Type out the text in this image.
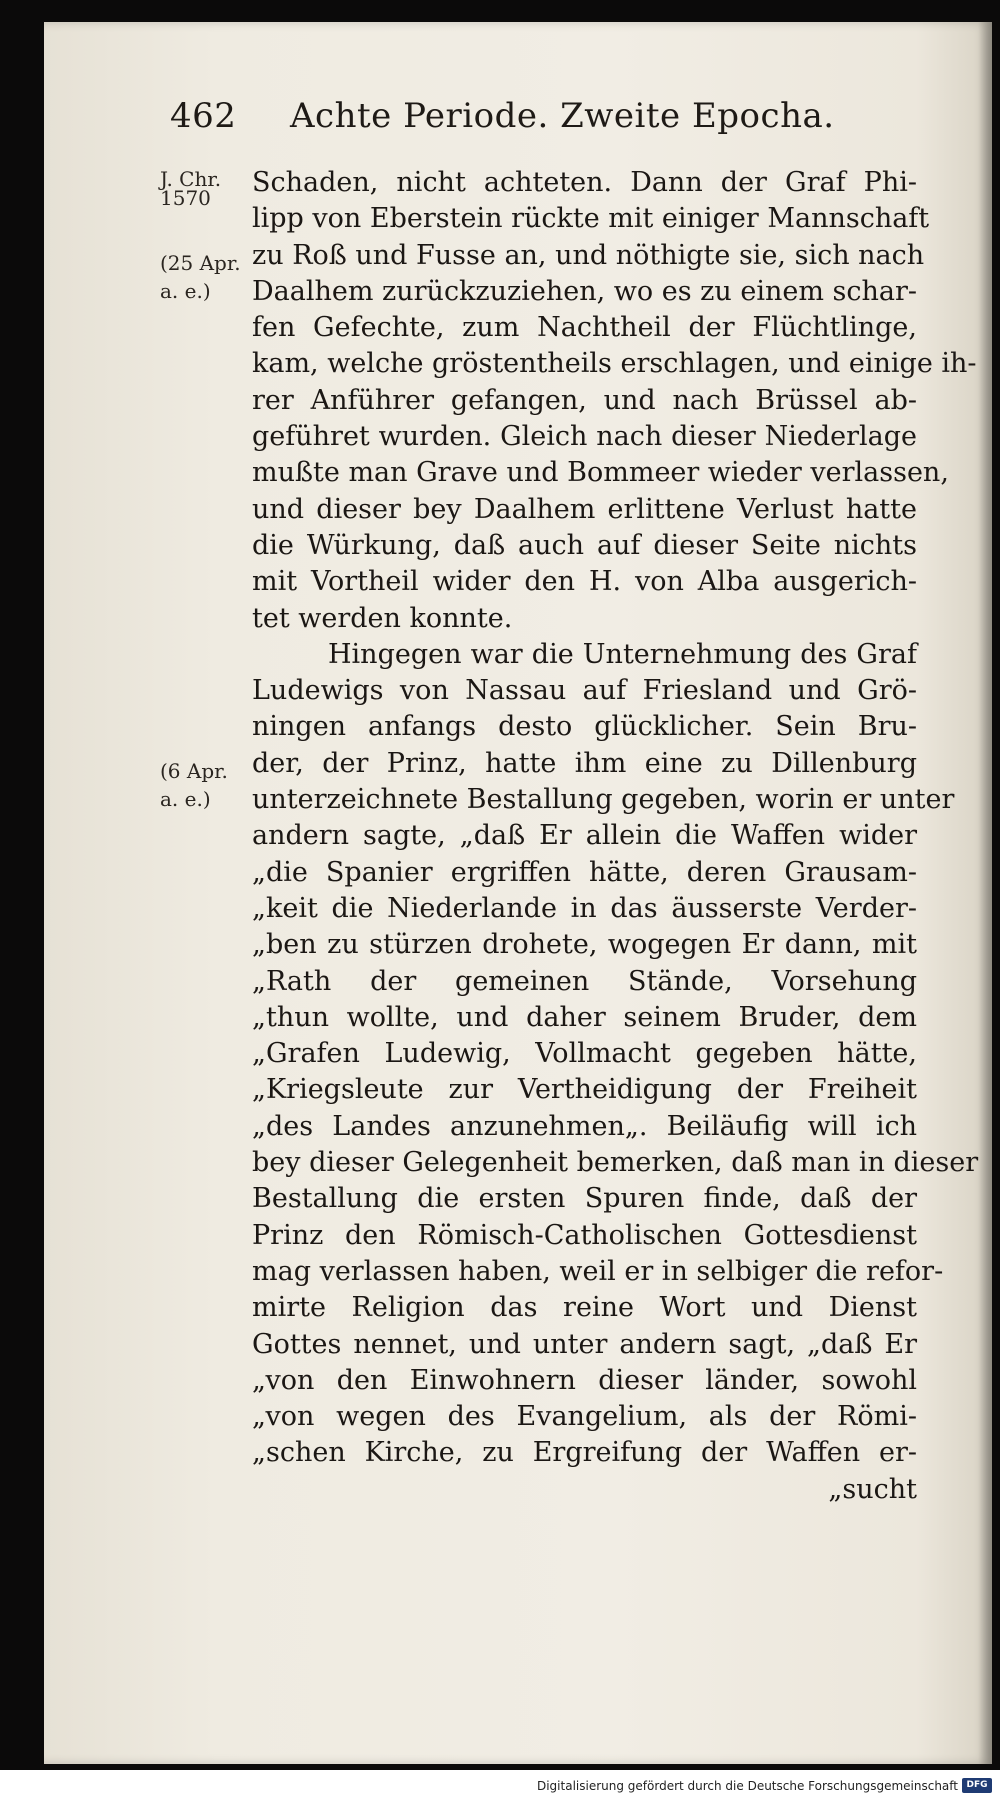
462 Achte Periode. Zweite Epocha.
J. Chr.
1570
(25 Apr.
a. e.)
(6 Apr.
a. e.)
Schaden, nicht achteten. Dann der Graf Phi-
lipp von Eberstein rückte mit einiger Mannschaft
zu Roß und Fusse an, und nöthigte sie, sich nach
Daalhem zurückzuziehen, wo es zu einem schar-
fen Gefechte, zum Nachtheil der Flüchtlinge,
kam, welche gröstentheils erschlagen, und einige ih-
rer Anführer gefangen, und nach Brüssel ab-
geführet wurden. Gleich nach dieser Niederlage
mußte man Grave und Bommeer wieder verlassen,
und dieser bey Daalhem erlittene Verlust hatte
die Würkung, daß auch auf dieser Seite nichts
mit Vortheil wider den H. von Alba ausgerich-
tet werden konnte.
Hingegen war die Unternehmung des Graf
Ludewigs von Nassau auf Friesland und Grö-
ningen anfangs desto glücklicher. Sein Bru-
der, der Prinz, hatte ihm eine zu Dillenburg
unterzeichnete Bestallung gegeben, worin er unter
andern sagte, „daß Er allein die Waffen wider
„die Spanier ergriffen hätte, deren Grausam-
„keit die Niederlande in das äusserste Verder-
„ben zu stürzen drohete, wogegen Er dann, mit
„Rath der gemeinen Stände, Vorsehung
„thun wollte, und daher seinem Bruder, dem
„Grafen Ludewig, Vollmacht gegeben hätte,
„Kriegsleute zur Vertheidigung der Freiheit
„des Landes anzunehmen„. Beiläufig will ich
bey dieser Gelegenheit bemerken, daß man in dieser
Bestallung die ersten Spuren finde, daß der
Prinz den Römisch-Catholischen Gottesdienst
mag verlassen haben, weil er in selbiger die refor-
mirte Religion das reine Wort und Dienst
Gottes nennet, und unter andern sagt, „daß Er
„von den Einwohnern dieser länder, sowohl
„von wegen des Evangelium, als der Römi-
„schen Kirche, zu Ergreifung der Waffen er-
„sucht
Digitalisierung gefördert durch die Deutsche Forschungsgemeinschaft DFG
